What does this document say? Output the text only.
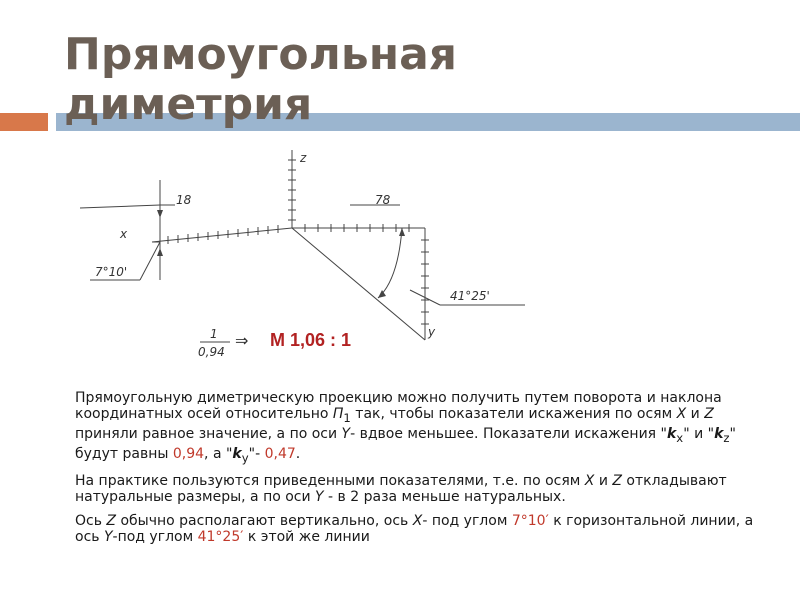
Прямоугольная
диметрия
z
x
y
18	78
7°10'
41°25'
1
0,94
⇒ M 1,06 : 1

Прямоугольную диметрическую проекцию можно получить путем поворота и наклона координатных осей относительно $П_1$ так, чтобы показатели искажения по осям X и Z приняли равное значение, а по оси Y- вдвое меньшее. Показатели искажения "$k_x$" и "$k_z$" будут равны 0,94, а "$k_y"-$ 0,47.

На практике пользуются приведенными показателями, т.е. по осям X и Z откладывают натуральные размеры, а по оси Y - в 2 раза меньше натуральных.

Ось Z обычно располагают вертикально, ось X- под углом 7°10′ к горизонтальной линии, а ось Y-под углом 41°25′ к этой же линии
